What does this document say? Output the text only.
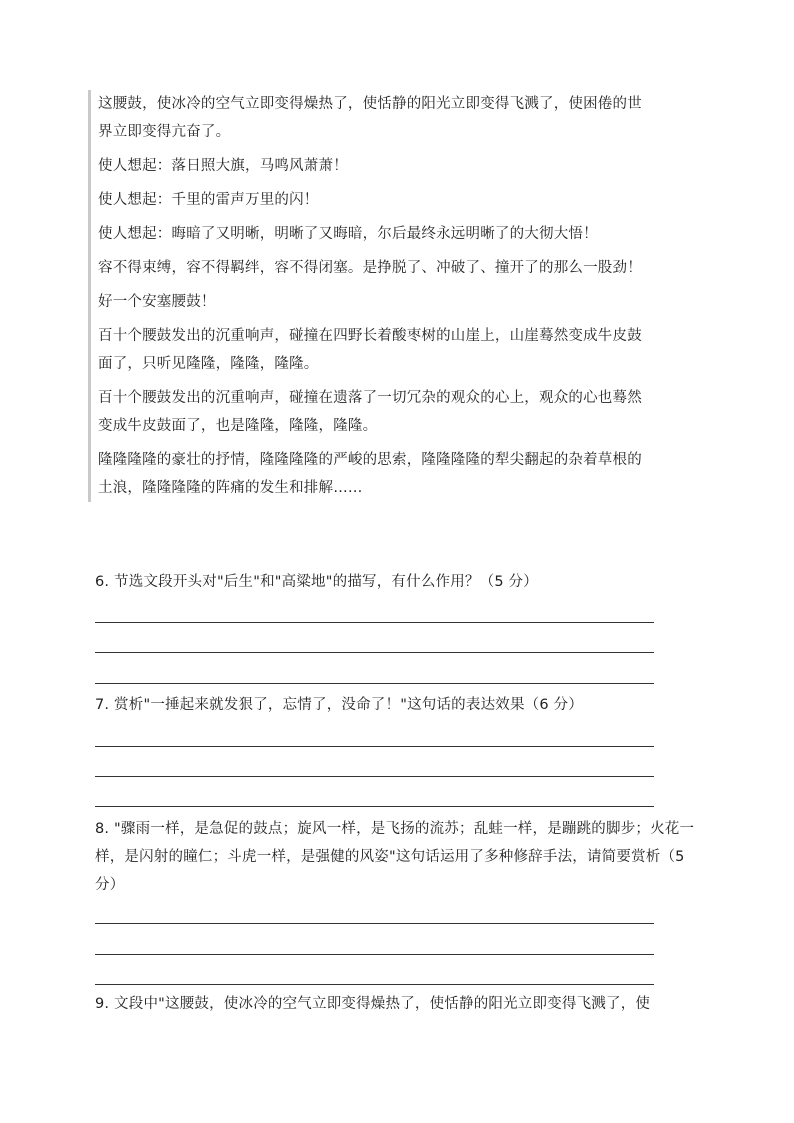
这腰鼓，使冰冷的空气立即变得燥热了，使恬静的阳光立即变得飞溅了，使困倦的世界立即变得亢奋了。

使人想起：落日照大旗，马鸣风萧萧！

使人想起：千里的雷声万里的闪！

使人想起：晦暗了又明晰，明晰了又晦暗，尔后最终永远明晰了的大彻大悟！

容不得束缚，容不得羁绊，容不得闭塞。是挣脱了、冲破了、撞开了的那么一股劲！

好一个安塞腰鼓！

百十个腰鼓发出的沉重响声，碰撞在四野长着酸枣树的山崖上，山崖蓦然变成牛皮鼓面了，只听见隆隆，隆隆，隆隆。

百十个腰鼓发出的沉重响声，碰撞在遗落了一切冗杂的观众的心上，观众的心也蓦然变成牛皮鼓面了，也是隆隆，隆隆，隆隆。

隆隆隆隆的豪壮的抒情，隆隆隆隆的严峻的思索，隆隆隆隆的犁尖翻起的杂着草根的土浪，隆隆隆隆的阵痛的发生和排解……

6. 节选文段开头对"后生"和"高粱地"的描写，有什么作用？（5 分）
7. 赏析"一捶起来就发狠了，忘情了，没命了！"这句话的表达效果（6 分）
8. "骤雨一样，是急促的鼓点；旋风一样，是飞扬的流苏；乱蛙一样，是蹦跳的脚步；火花一样，是闪射的瞳仁；斗虎一样，是强健的风姿"这句话运用了多种修辞手法，请简要赏析（5 分）
9. 文段中"这腰鼓，使冰冷的空气立即变得燥热了，使恬静的阳光立即变得飞溅了，使
